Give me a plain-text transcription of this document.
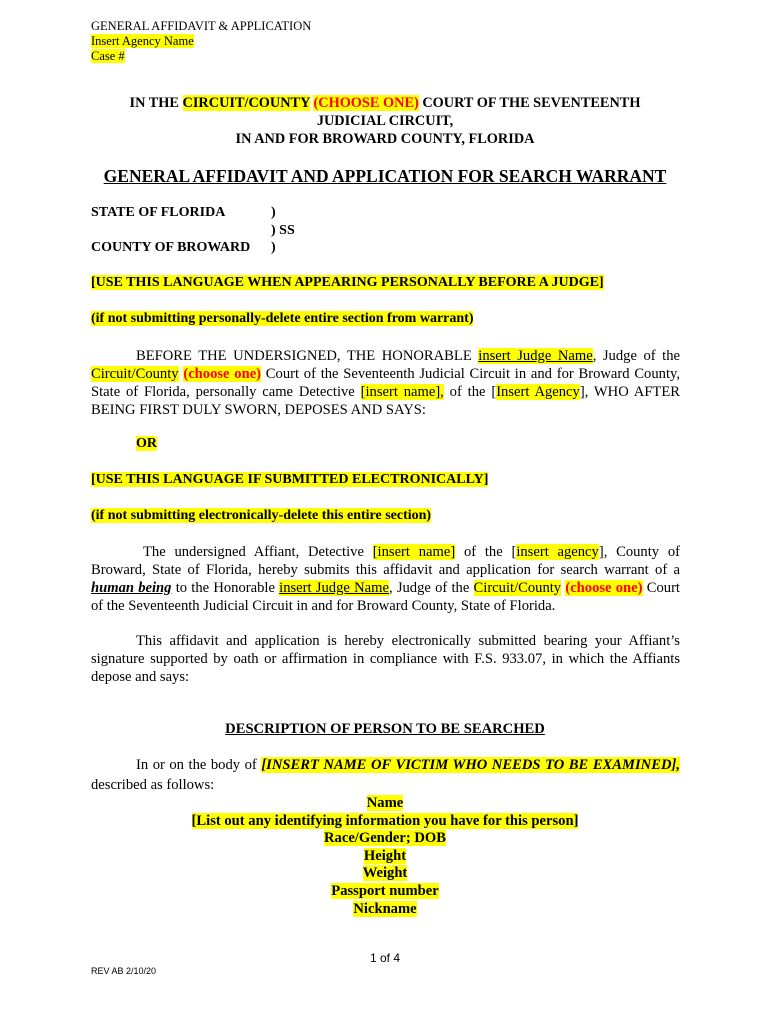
GENERAL AFFIDAVIT & APPLICATION
Insert Agency Name
Case #
IN THE CIRCUIT/COUNTY (CHOOSE ONE) COURT OF THE SEVENTEENTH
JUDICIAL CIRCUIT,
IN AND FOR BROWARD COUNTY, FLORIDA
GENERAL AFFIDAVIT AND APPLICATION FOR SEARCH WARRANT
STATE OF FLORIDA	)
) SS
COUNTY OF BROWARD )
[USE THIS LANGUAGE WHEN APPEARING PERSONALLY BEFORE A JUDGE]
(if not submitting personally-delete entire section from warrant)
BEFORE THE UNDERSIGNED, THE HONORABLE insert Judge Name, Judge of the Circuit/County (choose one) Court of the Seventeenth Judicial Circuit in and for Broward County, State of Florida, personally came Detective [insert name], of the [Insert Agency], WHO AFTER BEING FIRST DULY SWORN, DEPOSES AND SAYS:
OR
[USE THIS LANGUAGE IF SUBMITTED ELECTRONICALLY]
(if not submitting electronically-delete this entire section)
The undersigned Affiant, Detective [insert name] of the [insert agency], County of Broward, State of Florida, hereby submits this affidavit and application for search warrant of a human being to the Honorable insert Judge Name, Judge of the Circuit/County (choose one) Court of the Seventeenth Judicial Circuit in and for Broward County, State of Florida.
This affidavit and application is hereby electronically submitted bearing your Affiant’s signature supported by oath or affirmation in compliance with F.S. 933.07, in which the Affiants depose and says:
DESCRIPTION OF PERSON TO BE SEARCHED
In or on the body of [INSERT NAME OF VICTIM WHO NEEDS TO BE EXAMINED], described as follows:
Name
[List out any identifying information you have for this person]
Race/Gender; DOB
Height
Weight
Passport number
Nickname
1 of 4
REV AB 2/10/20
